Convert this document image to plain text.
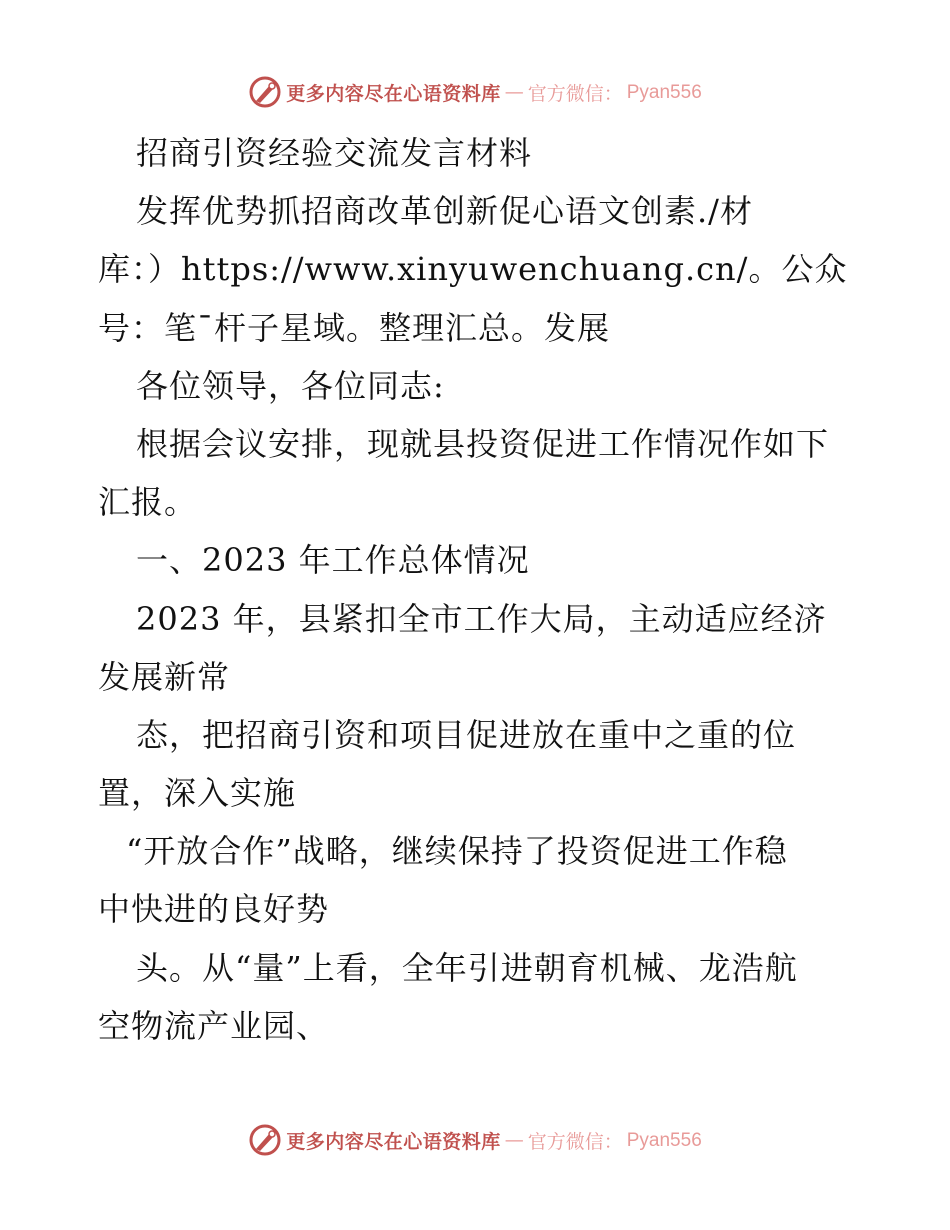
更多内容尽在心语资料库 — 官方微信： Pyan556
招商引资经验交流发言材料
发挥优势抓招商改革创新促心语文创素./材
库：）https://www.xinyuwenchuang.cn/。公众
号：笔¯杆子星域。整理汇总。发展
各位领导，各位同志:
根据会议安排，现就县投资促进工作情况作如下
汇报。
一、2023 年工作总体情况
2023 年，县紧扣全市工作大局，主动适应经济
发展新常
态，把招商引资和项目促进放在重中之重的位
置，深入实施
“开放合作”战略，继续保持了投资促进工作稳
中快进的良好势
头。从“量”上看，全年引进朝育机械、龙浩航
空物流产业园、
更多内容尽在心语资料库 — 官方微信： Pyan556
